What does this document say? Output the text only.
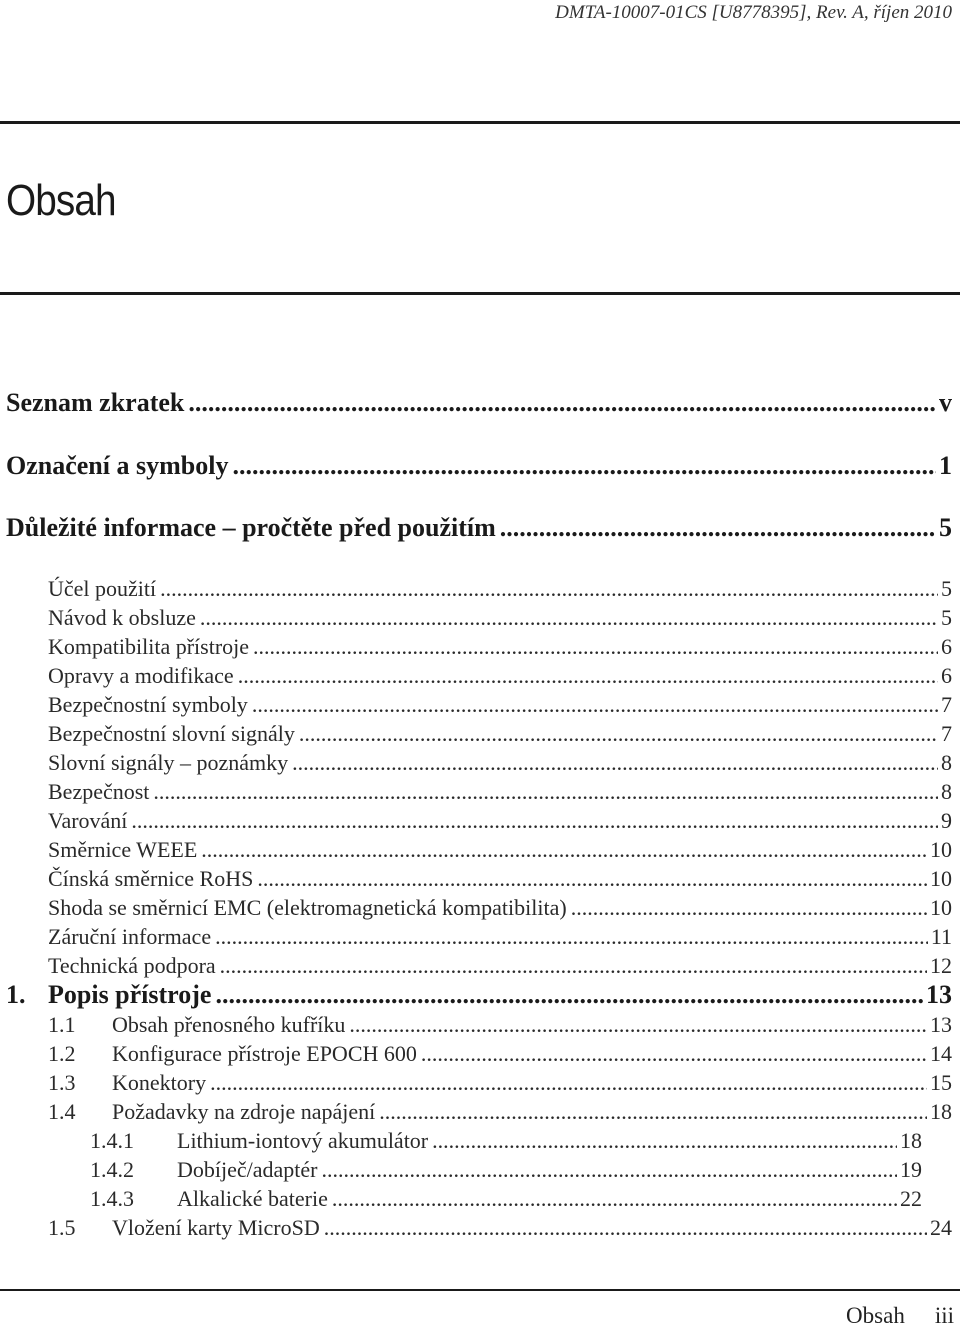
DMTA-10007-01CS [U8778395], Rev. A, říjen 2010
Obsah
Seznam zkratek .....	v
Označení a symboly .....	1
Důležité informace – pročtěte před použitím .....	5
Účel použití .....	5
Návod k obsluze .....	5
Kompatibilita přístroje .....	6
Opravy a modifikace .....	6
Bezpečnostní symboly .....	7
Bezpečnostní slovní signály .....	7
Slovní signály – poznámky .....	8
Bezpečnost .....	8
Varování .....	9
Směrnice WEEE .....	10
Čínská směrnice RoHS .....	10
Shoda se směrnicí EMC (elektromagnetická kompatibilita) .....	10
Záruční informace .....	11
Technická podpora .....	12
1. Popis přístroje .....	13
1.1	Obsah přenosného kufříku .....	13
1.2	Konfigurace přístroje EPOCH 600 .....	14
1.3	Konektory .....	15
1.4	Požadavky na zdroje napájení .....	18
1.4.1	Lithium-iontový akumulátor .....	18
1.4.2	Dobíječ/adaptér .....	19
1.4.3	Alkalické baterie .....	22
1.5	Vložení karty MicroSD .....	24
Obsah iii
